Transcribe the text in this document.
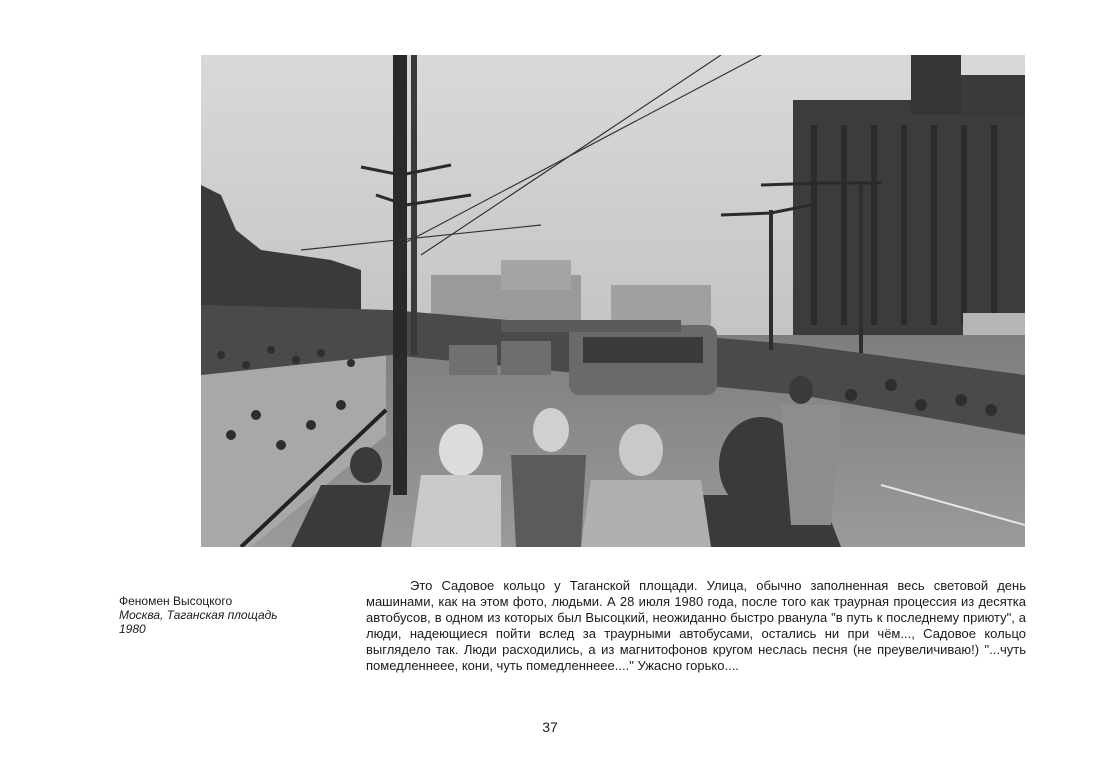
Феномен Высоцкого
Москва, Таганская площадь
1980

Это Садовое кольцо у Таганской площади. Улица, обычно заполненная весь световой день машинами, как на этом фото, людьми. А 28 июля 1980 года, после того как траурная процессия из десятка автобусов, в одном из которых был Высоцкий, неожиданно быстро рванула "в путь к последнему приюту", а люди, надеющиеся пойти вслед за траурными автобусами, остались ни при чём..., Садовое кольцо выглядело так. Люди расходились, а из магнитофонов кругом неслась песня (не преувеличиваю!) "...чуть помедленнеее, кони, чуть помедленнеее...." Ужасно горько....

37
